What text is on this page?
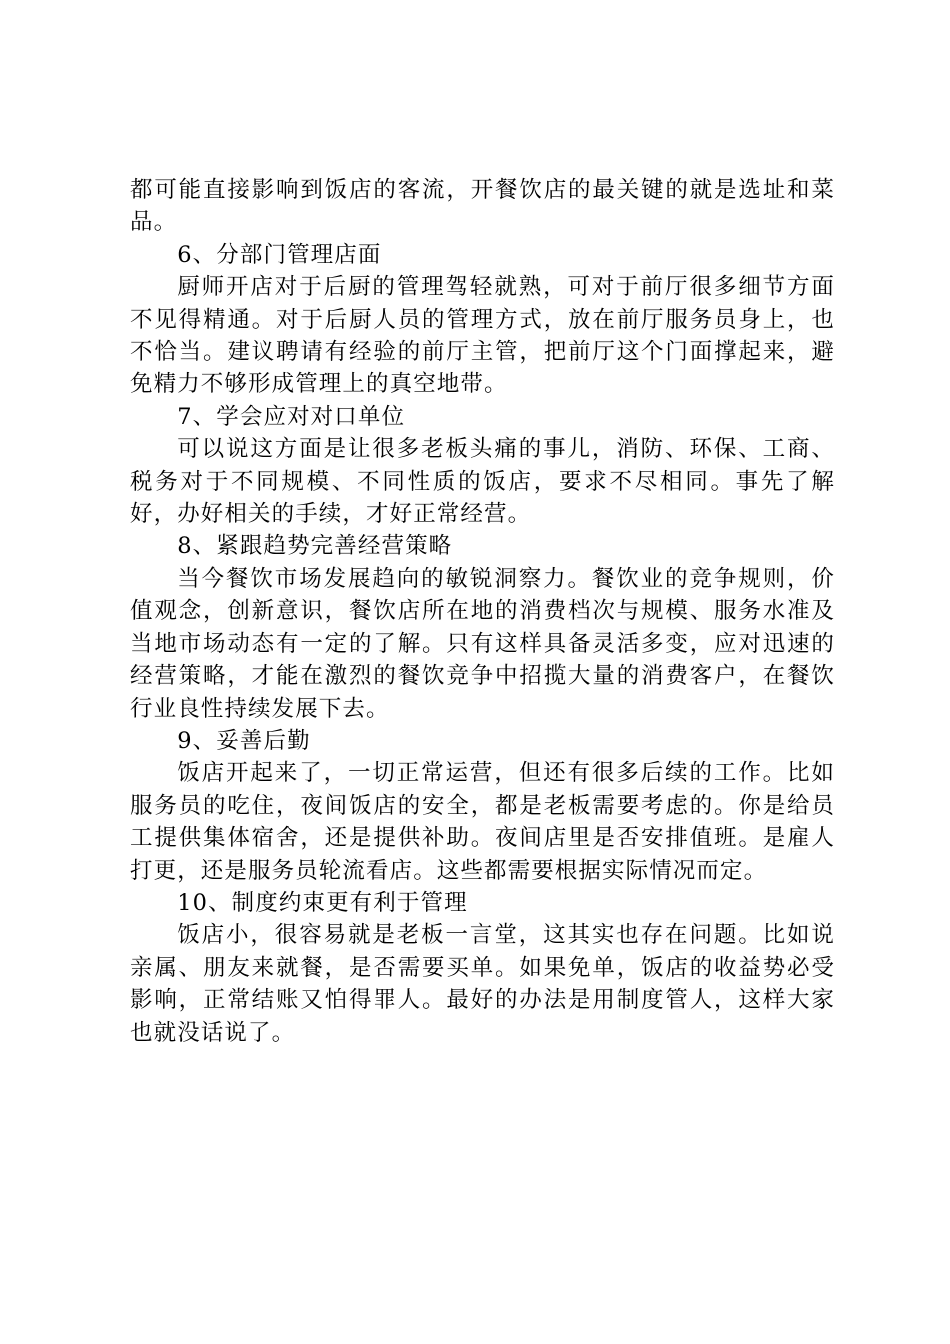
都可能直接影响到饭店的客流，开餐饮店的最关键的就是选址和菜品。

6、分部门管理店面

厨师开店对于后厨的管理驾轻就熟，可对于前厅很多细节方面不见得精通。对于后厨人员的管理方式，放在前厅服务员身上，也不恰当。建议聘请有经验的前厅主管，把前厅这个门面撑起来，避免精力不够形成管理上的真空地带。

7、学会应对对口单位

可以说这方面是让很多老板头痛的事儿，消防、环保、工商、税务对于不同规模、不同性质的饭店，要求不尽相同。事先了解好，办好相关的手续，才好正常经营。

8、紧跟趋势完善经营策略

当今餐饮市场发展趋向的敏锐洞察力。餐饮业的竞争规则，价值观念，创新意识，餐饮店所在地的消费档次与规模、服务水准及当地市场动态有一定的了解。只有这样具备灵活多变，应对迅速的经营策略，才能在激烈的餐饮竞争中招揽大量的消费客户，在餐饮行业良性持续发展下去。

9、妥善后勤

饭店开起来了，一切正常运营，但还有很多后续的工作。比如服务员的吃住，夜间饭店的安全，都是老板需要考虑的。你是给员工提供集体宿舍，还是提供补助。夜间店里是否安排值班。是雇人打更，还是服务员轮流看店。这些都需要根据实际情况而定。

10、制度约束更有利于管理

饭店小，很容易就是老板一言堂，这其实也存在问题。比如说亲属、朋友来就餐，是否需要买单。如果免单，饭店的收益势必受影响，正常结账又怕得罪人。最好的办法是用制度管人，这样大家也就没话说了。
